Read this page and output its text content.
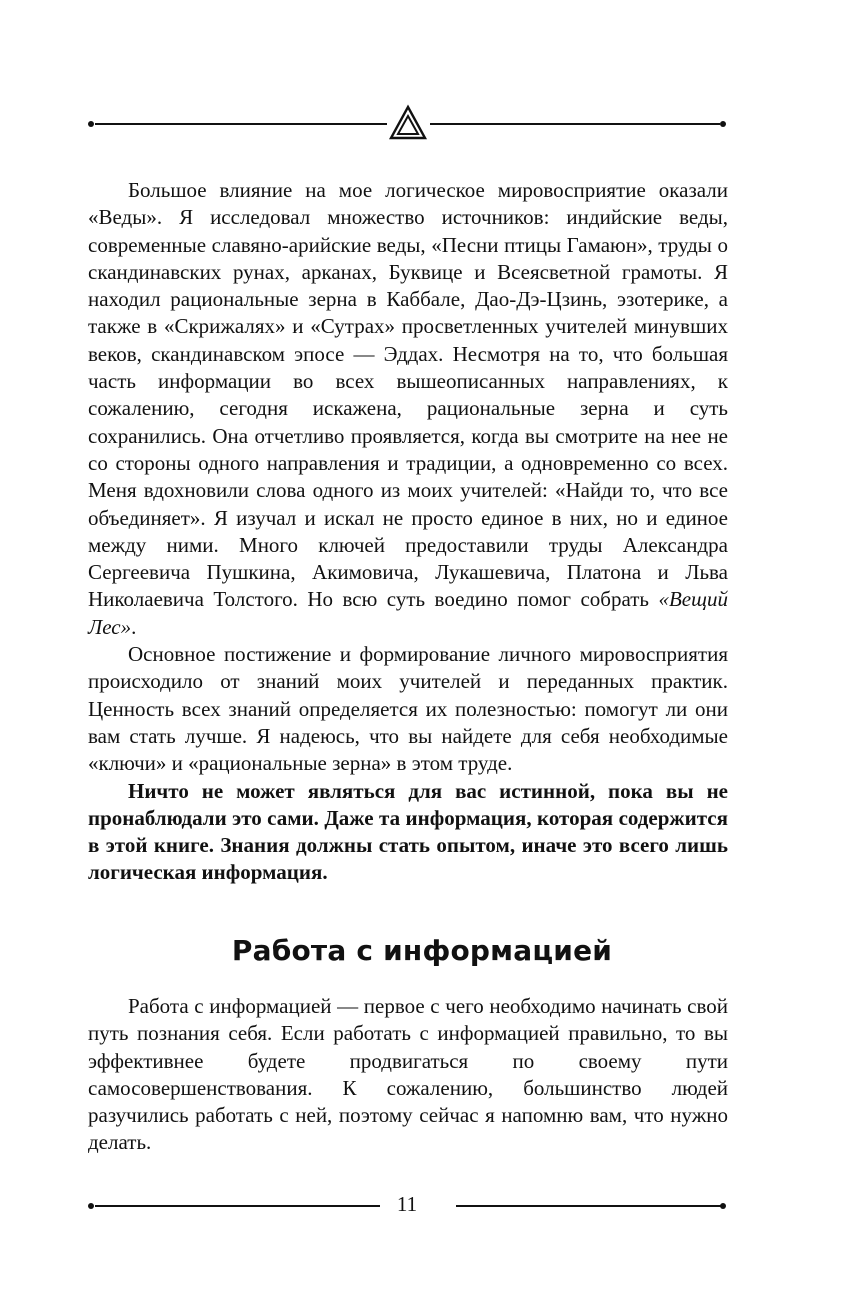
Большое влияние на мое логическое мировосприятие оказали «Веды». Я исследовал множество источников: индийские веды, современные славяно-арийские веды, «Песни птицы Гамаюн», труды о скандинавских рунах, арканах, Буквице и Всеясветной грамоты. Я находил рациональные зерна в Каббале, Дао-Дэ-Цзинь, эзотерике, а также в «Скрижалях» и «Сутрах» просветленных учителей минувших веков, скандинавском эпосе — Эддах. Несмотря на то, что большая часть информации во всех вышеописанных направлениях, к сожалению, сегодня искажена, рациональные зерна и суть сохранились. Она отчетливо проявляется, когда вы смотрите на нее не со стороны одного направления и традиции, а одновременно со всех. Меня вдохновили слова одного из моих учителей: «Найди то, что все объединяет». Я изучал и искал не просто единое в них, но и единое между ними. Много ключей предоставили труды Александра Сергеевича Пушкина, Акимовича, Лукашевича, Платона и Льва Николаевича Толстого. Но всю суть воедино помог собрать «Вещий Лес».

Основное постижение и формирование личного мировосприятия происходило от знаний моих учителей и переданных практик. Ценность всех знаний определяется их полезностью: помогут ли они вам стать лучше. Я надеюсь, что вы найдете для себя необходимые «ключи» и «рациональные зерна» в этом труде.

Ничто не может являться для вас истинной, пока вы не пронаблюдали это сами. Даже та информация, которая содержится в этой книге. Знания должны стать опытом, иначе это всего лишь логическая информация.

Работа с информацией

Работа с информацией — первое с чего необходимо начинать свой путь познания себя. Если работать с информацией правильно, то вы эффективнее будете продвигаться по своему пути самосовершенствования. К сожалению, большинство людей разучились работать с ней, поэтому сейчас я напомню вам, что нужно делать.

11
